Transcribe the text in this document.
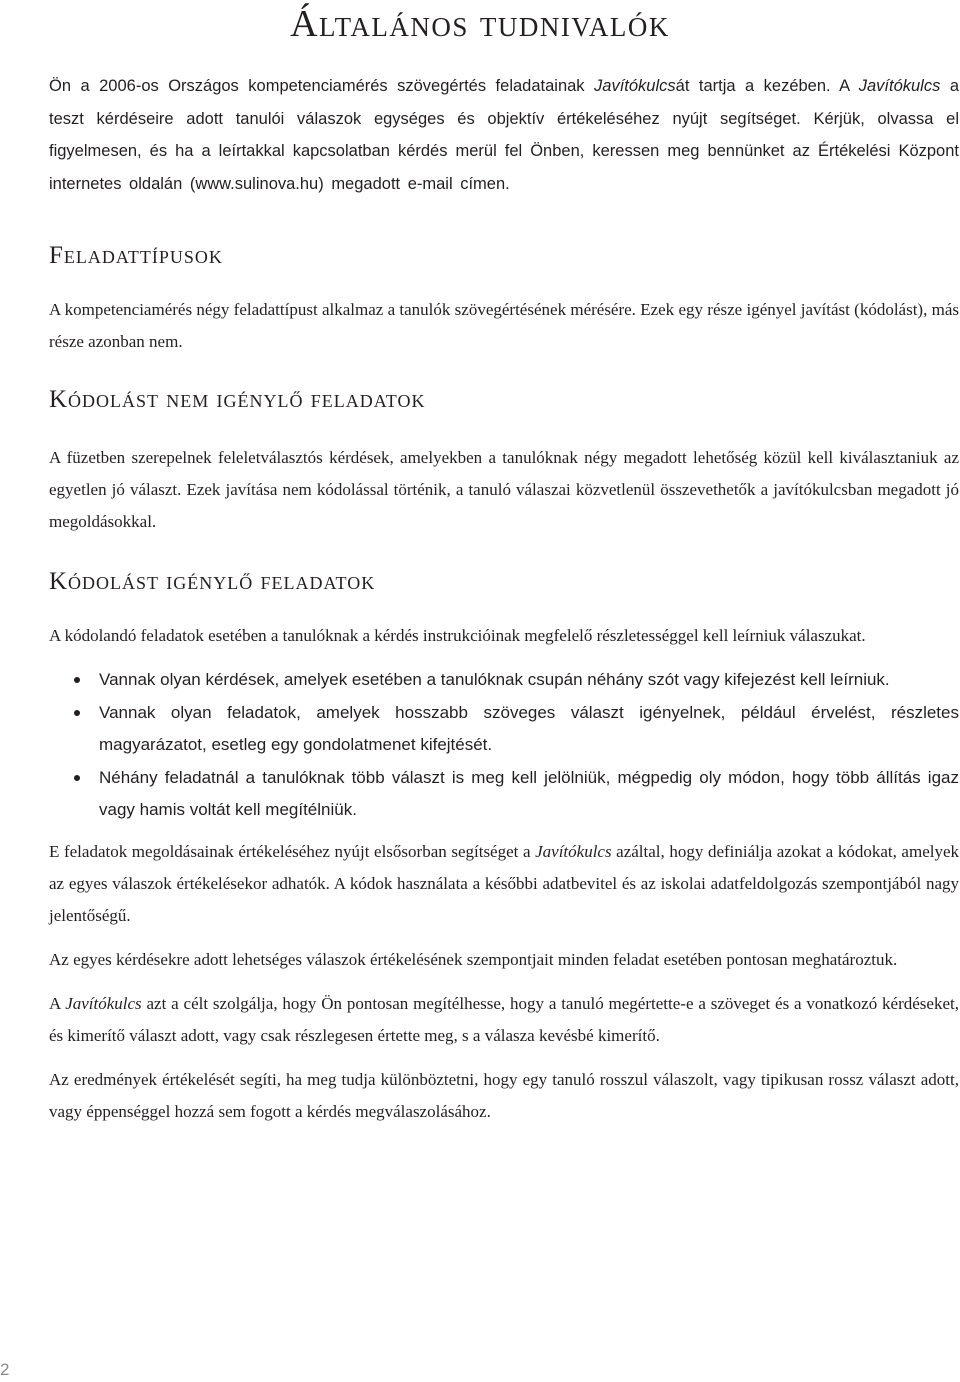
Általános tudnivalók

Ön a 2006-os Országos kompetenciamérés szövegértés feladatainak Javítókulcsát tartja a kezében. A Javítókulcs a teszt kérdéseire adott tanulói válaszok egységes és objektív értékeléséhez nyújt segítséget. Kérjük, olvassa el figyelmesen, és ha a leírtakkal kapcsolatban kérdés merül fel Önben, keressen meg bennünket az Értékelési Központ internetes oldalán (www.sulinova.hu) megadott e-mail címen.

Feladattípusok

A kompetenciamérés négy feladattípust alkalmaz a tanulók szövegértésének mérésére. Ezek egy része igényel javítást (kódolást), más része azonban nem.

Kódolást nem igénylő feladatok

A füzetben szerepelnek feleletválasztós kérdések, amelyekben a tanulóknak négy megadott lehetőség közül kell kiválasztaniuk az egyetlen jó választ. Ezek javítása nem kódolással történik, a tanuló válaszai közvetlenül összevethetők a javítókulcsban megadott jó megoldásokkal.

Kódolást igénylő feladatok

A kódolandó feladatok esetében a tanulóknak a kérdés instrukcióinak megfelelő részletességgel kell leírniuk válaszukat.

Vannak olyan kérdések, amelyek esetében a tanulóknak csupán néhány szót vagy kifejezést kell leírniuk.

Vannak olyan feladatok, amelyek hosszabb szöveges választ igényelnek, például érvelést, részletes magyarázatot, esetleg egy gondolatmenet kifejtését.

Néhány feladatnál a tanulóknak több választ is meg kell jelölniük, mégpedig oly módon, hogy több állítás igaz vagy hamis voltát kell megítélniük.

E feladatok megoldásainak értékeléséhez nyújt elsősorban segítséget a Javítókulcs azáltal, hogy definiálja azokat a kódokat, amelyek az egyes válaszok értékelésekor adhatók. A kódok használata a későbbi adatbevitel és az iskolai adatfeldolgozás szempontjából nagy jelentőségű.

Az egyes kérdésekre adott lehetséges válaszok értékelésének szempontjait minden feladat esetében pontosan meghatároztuk.

A Javítókulcs azt a célt szolgálja, hogy Ön pontosan megítélhesse, hogy a tanuló megértette-e a szöveget és a vonatkozó kérdéseket, és kimerítő választ adott, vagy csak részlegesen értette meg, s a válasza kevésbé kimerítő.

Az eredmények értékelését segíti, ha meg tudja különböztetni, hogy egy tanuló rosszul válaszolt, vagy tipikusan rossz választ adott, vagy éppenséggel hozzá sem fogott a kérdés megválaszolásához.

2
